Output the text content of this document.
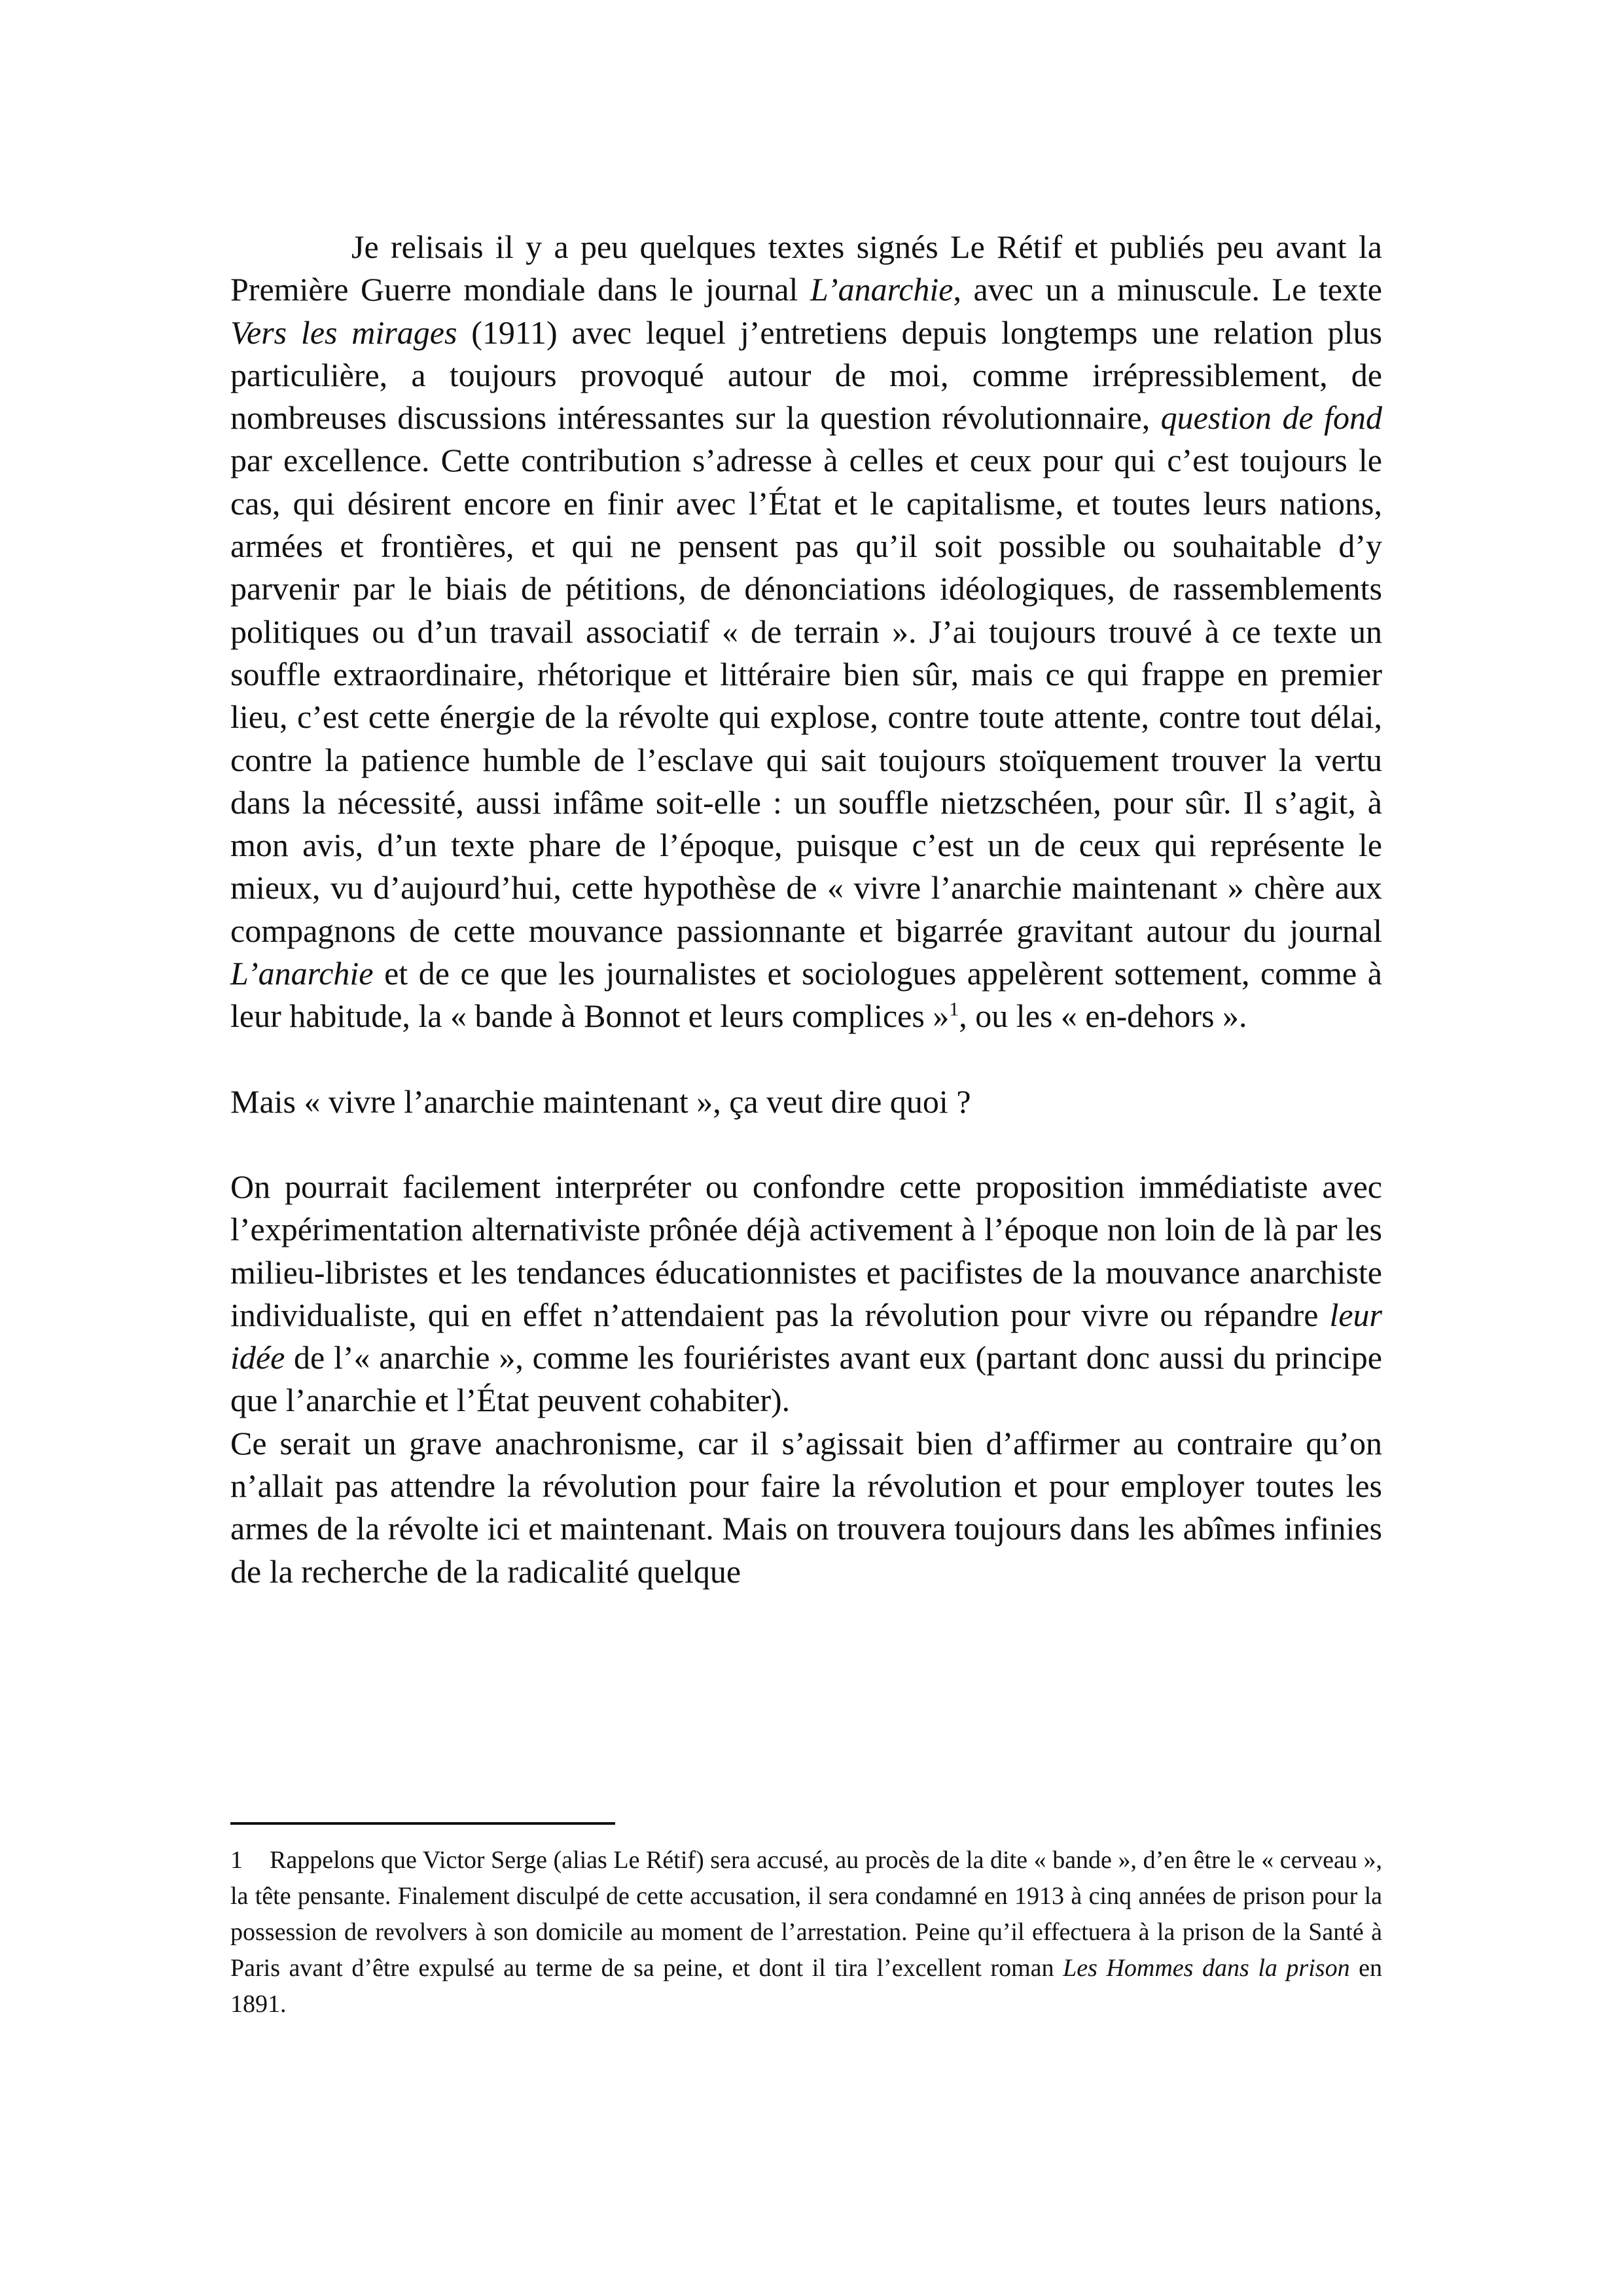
Je relisais il y a peu quelques textes signés Le Rétif et publiés peu avant la Première Guerre mondiale dans le journal L’anarchie, avec un a minuscule. Le texte Vers les mirages (1911) avec lequel j’entretiens depuis longtemps une relation plus particulière, a toujours provoqué autour de moi, comme irrépressiblement, de nombreuses discussions intéressantes sur la question révolutionnaire, question de fond par excellence. Cette contribution s’adresse à celles et ceux pour qui c’est toujours le cas, qui désirent encore en finir avec l’État et le capitalisme, et toutes leurs nations, armées et frontières, et qui ne pensent pas qu’il soit possible ou souhaitable d’y parvenir par le biais de pétitions, de dénonciations idéologiques, de rassemblements politiques ou d’un travail associatif « de terrain ». J’ai toujours trouvé à ce texte un souffle extraordinaire, rhétorique et littéraire bien sûr, mais ce qui frappe en premier lieu, c’est cette énergie de la révolte qui explose, contre toute attente, contre tout délai, contre la patience humble de l’esclave qui sait toujours stoïquement trouver la vertu dans la nécessité, aussi infâme soit-elle : un souffle nietzschéen, pour sûr. Il s’agit, à mon avis, d’un texte phare de l’époque, puisque c’est un de ceux qui représente le mieux, vu d’aujourd’hui, cette hypothèse de « vivre l’anarchie maintenant » chère aux compagnons de cette mouvance passionnante et bigarrée gravitant autour du journal L’anarchie et de ce que les journalistes et sociologues appelèrent sottement, comme à leur habitude, la « bande à Bonnot et leurs complices »$^1$, ou les « en-dehors ».

Mais « vivre l’anarchie maintenant », ça veut dire quoi ?

On pourrait facilement interpréter ou confondre cette proposition immédiatiste avec l’expérimentation alternativiste prônée déjà activement à l’époque non loin de là par les milieu-libristes et les tendances éducationnistes et pacifistes de la mouvance anarchiste individualiste, qui en effet n’attendaient pas la révolution pour vivre ou répandre leur idée de l’« anarchie », comme les fouriéristes avant eux (partant donc aussi du principe que l’anarchie et l’État peuvent cohabiter).

Ce serait un grave anachronisme, car il s’agissait bien d’affirmer au contraire qu’on n’allait pas attendre la révolution pour faire la révolution et pour employer toutes les armes de la révolte ici et maintenant. Mais on trouvera toujours dans les abîmes infinies de la recherche de la radicalité quelque

1 Rappelons que Victor Serge (alias Le Rétif) sera accusé, au procès de la dite « bande », d’en être le « cerveau », la tête pensante. Finalement disculpé de cette accusation, il sera condamné en 1913 à cinq années de prison pour la possession de revolvers à son domicile au moment de l’arrestation. Peine qu’il effectuera à la prison de la Santé à Paris avant d’être expulsé au terme de sa peine, et dont il tira l’excellent roman Les Hommes dans la prison en 1891.
